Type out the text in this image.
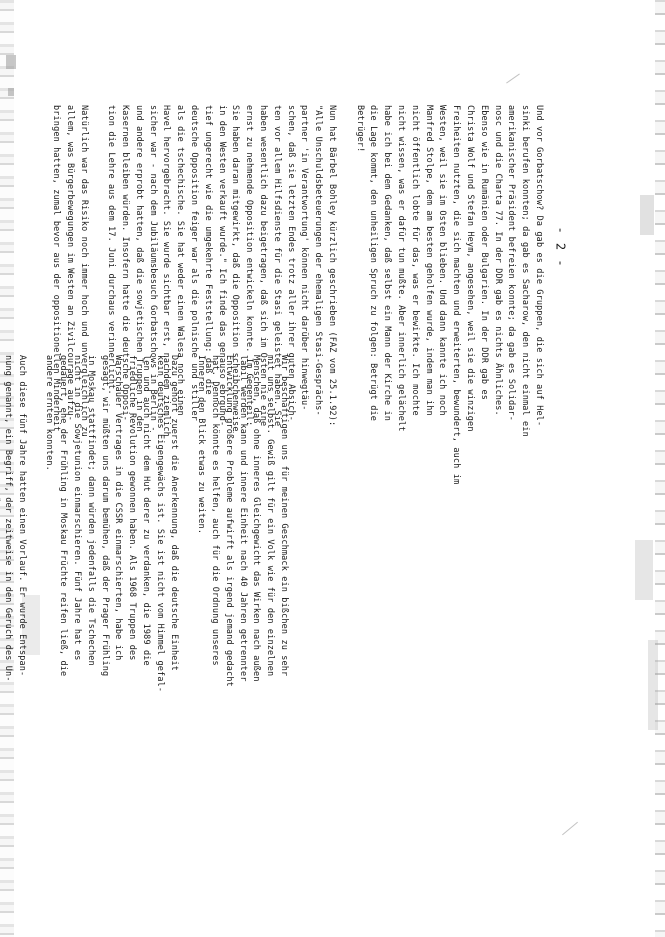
- 2 -
Und vor Gorbatschow? Da gab es die Gruppen, die sich auf Hel-
sinki berufen konnten; da gab es Sacharow, den nicht einmal ein
amerikanischer Präsident befreien konnte; da gab es Solidar-
nosc und die Charta 77. In der DDR gab es nichts Ähnliches.
Ebenso wie in Rumänien oder Bulgarien. In der DDR gab es
Christa Wolf und Stefan Heym, angesehen, weil sie die winzigen
Freiheiten nutzten, die sich machten und erweiterten, bewundert, auch im
Westen, weil sie im Osten blieben. Und dann kannte ich noch
Manfred Stolpe, dem am besten geholfen wurde, indem man ihn
nicht öffentlich lobte für das, was er bewirkte. Ich mochte
nicht wissen, was er dafür tun mußte. Aber innerlich gelächelt
habe ich bei dem Gedanken, daß selbst ein Mann der Kirche in
die Lage kommt, den unheiligen Spruch zu folgen: Betrügt die
Betrüger!
Nun hat Bärbel Bohley kürzlich geschrieben (FAZ vom 25.1.92):
"Alle Unschuldsbeteuerungen der ehemaligen Stasi-Gesprächs-
partner 'in Verantwortung' können nicht darüber hinwegtäu-
schen, daß sie letzten Endes trotz aller ihrer guten Absich-
ten vor allem Hilfsdienste für die Stasi geleistet haben. Sie
haben wesentlich dazu beigetragen, daß sich im Osten nie eine
ernst zu nehmende Opposition entwickeln konnte. Im Gegenteil:
Sie haben daran mitgewirkt, daß die Opposition scheibchenweise
in den Westen verkauft wurde." Ich finde das genauso ebrgund-
tief ungerecht wie die umgekehrte Feststellung: daß die
deutsche Opposition feiger war als die polnische und stiller
als die tschechische. Sie hat weder einen Walesa noch einen
Havel hervorgebracht. Sie wurde sichtbar erst, nachdem ziemlich
sicher war - nach dem Jubiläumsbesuch Gorbatschows in Berlin -
und andere erprobt hatten, daß die sowjetischen Truppen in den
Kasernen bleiben würden. Insofern hatte die deutsche Opposi-
tion die Lehre aus dem 17. Juni durchaus verinnerlicht.
Natürlich war das Risiko noch immer hoch und unvergleichlich zu
allem, was Bürgerbewegungen im Westen an Zivilcourage aufzu-
bringen hatten, zumal bevor aus der oppositionellen Minderheit
Wir beschäftigen uns für meinen Geschmack ein bißchen zu sehr
mit uns selbst. Gewiß gilt für ein Volk wie für den einzelnen
Menschen, daß ohne inneres Gleichgewicht das Wirken nach außen
labil werden kann und innere Einheit nach 40 Jahren getrennter
Entwicklung größere Probleme aufwirft als irgend jemand gedacht
hat. Dennoch könnte es helfen, auch für die Ordnung unseres
Inneren den Blick etwas zu weiten.
Dazu gehört zuerst die Anerkennung, daß die deutsche Einheit
kein deutsches Eigengewächs ist. Sie ist nicht vom Himmel gefal-
len und auch nicht dem Hut derer zu verdanken, die 1989 die
friedliche Revolution gewonnen haben. Als 1968 Truppen des
Warschauer Vertrages in die CSSR einmarschierten, habe ich
gesagt, wir müßten uns darum bemühen, daß der Prager Frühling
in Moskau stattfindet; dann würden jedenfalls die Tschechen
nicht in die Sowjetunion einmarschieren. Fünf Jahre hat es
gedauert, ehe der Frühling in Moskau Früchte reifen ließ, die
andere ernten konnten.
Auch diese fünf Jahre hatten einen Vorlauf. Er wurde Entspan-
nung genannt, ein Begriff, der zeitweise in den Geruch des Un-
